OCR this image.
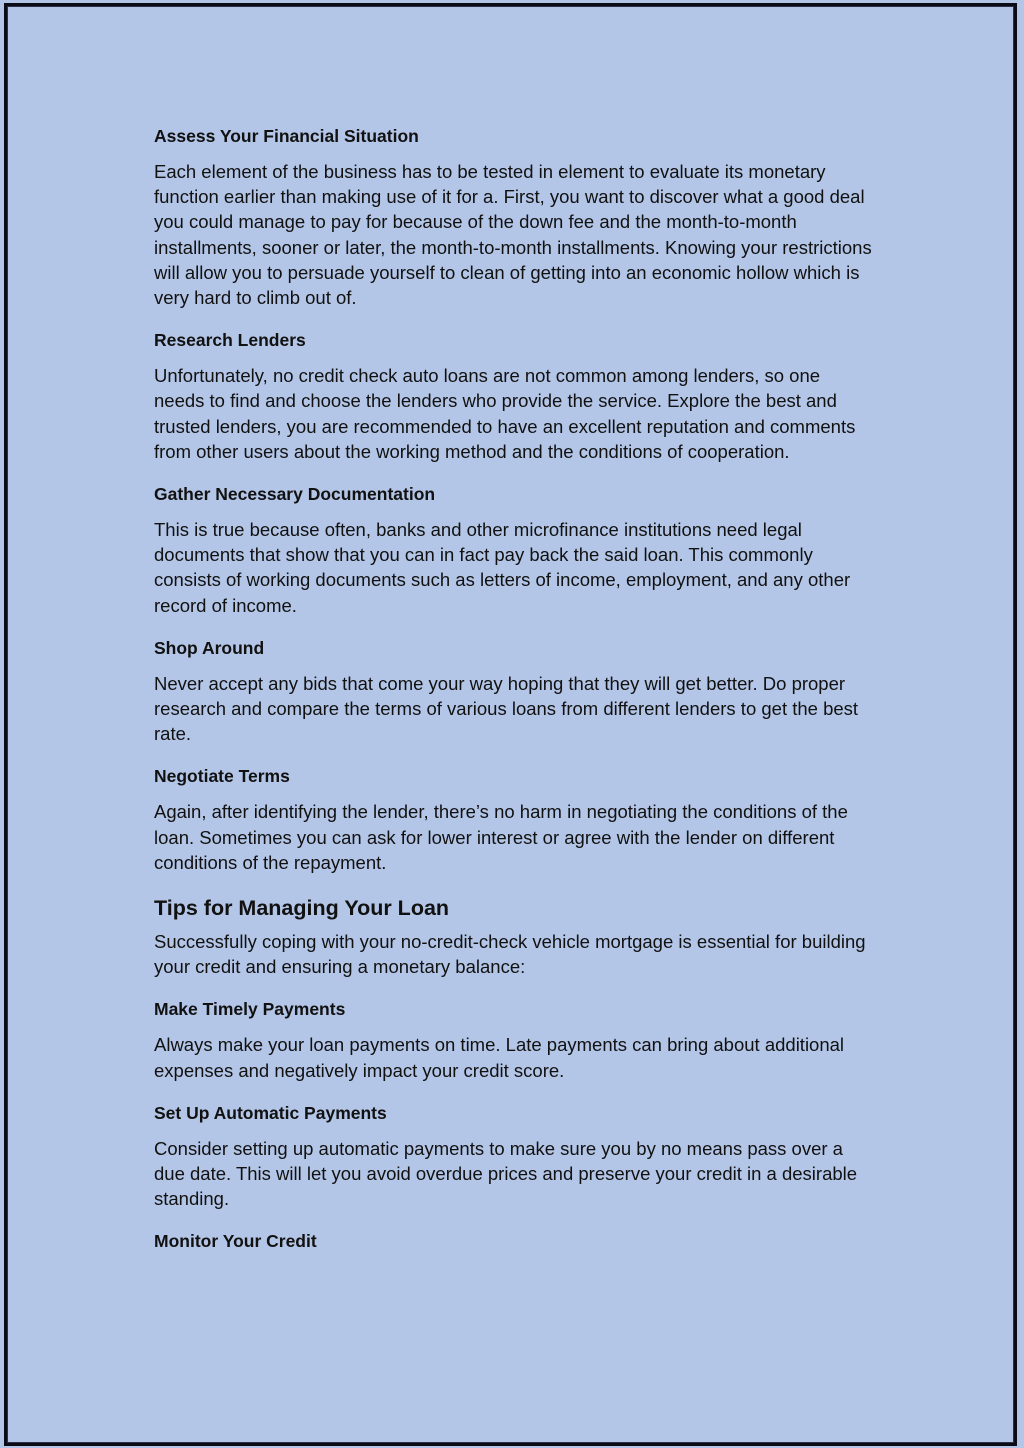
Assess Your Financial Situation

Each element of the business has to be tested in element to evaluate its monetary function earlier than making use of it for a. First, you want to discover what a good deal you could manage to pay for because of the down fee and the month-to-month installments, sooner or later, the month-to-month installments. Knowing your restrictions will allow you to persuade yourself to clean of getting into an economic hollow which is very hard to climb out of.

Research Lenders

Unfortunately, no credit check auto loans are not common among lenders, so one needs to find and choose the lenders who provide the service. Explore the best and trusted lenders, you are recommended to have an excellent reputation and comments from other users about the working method and the conditions of cooperation.

Gather Necessary Documentation

This is true because often, banks and other microfinance institutions need legal documents that show that you can in fact pay back the said loan. This commonly consists of working documents such as letters of income, employment, and any other record of income.

Shop Around

Never accept any bids that come your way hoping that they will get better. Do proper research and compare the terms of various loans from different lenders to get the best rate.

Negotiate Terms

Again, after identifying the lender, there’s no harm in negotiating the conditions of the loan. Sometimes you can ask for lower interest or agree with the lender on different conditions of the repayment.

Tips for Managing Your Loan

Successfully coping with your no-credit-check vehicle mortgage is essential for building your credit and ensuring a monetary balance:

Make Timely Payments

Always make your loan payments on time. Late payments can bring about additional expenses and negatively impact your credit score.

Set Up Automatic Payments

Consider setting up automatic payments to make sure you by no means pass over a due date. This will let you avoid overdue prices and preserve your credit in a desirable standing.

Monitor Your Credit
